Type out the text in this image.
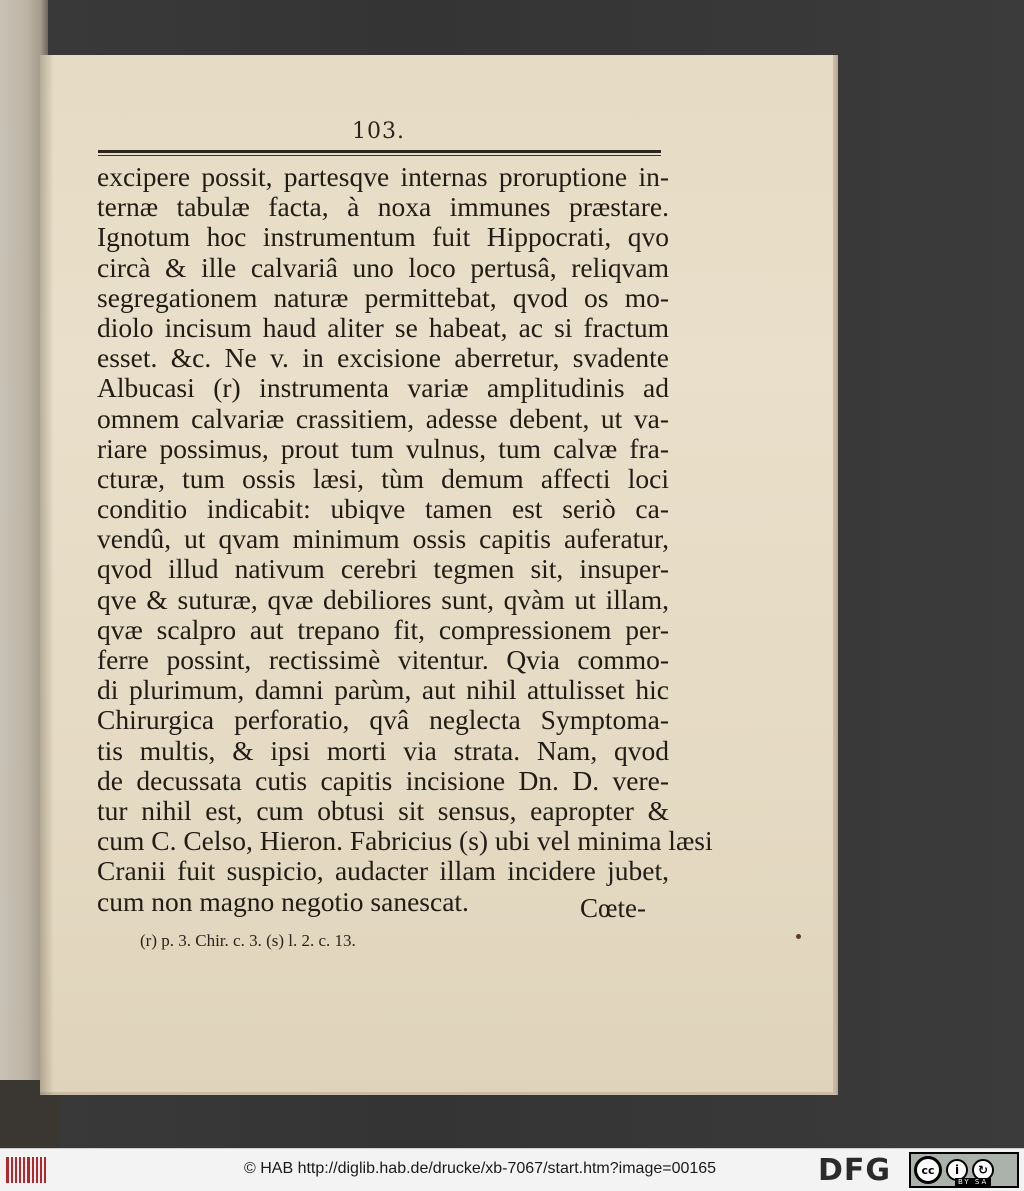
103.
excipere possit, partesqve internas proruptione in-
ternæ tabulæ facta, à noxa immunes præstare.
Ignotum hoc instrumentum fuit Hippocrati, qvo
circà & ille calvariâ uno loco pertusâ, reliqvam
segregationem naturæ permittebat, qvod os mo-
diolo incisum haud aliter se habeat, ac si fractum
esset. &c. Ne v. in excisione aberretur, svadente
Albucasi (r) instrumenta variæ amplitudinis ad
omnem calvariæ crassitiem, adesse debent, ut va-
riare possimus, prout tum vulnus, tum calvæ fra-
cturæ, tum ossis læsi, tùm demum affecti loci
conditio indicabit: ubiqve tamen est seriò ca-
vendû, ut qvam minimum ossis capitis auferatur,
qvod illud nativum cerebri tegmen sit, insuper-
qve & suturæ, qvæ debiliores sunt, qvàm ut illam,
qvæ scalpro aut trepano fit, compressionem per-
ferre possint, rectissimè vitentur. Qvia commo-
di plurimum, damni parùm, aut nihil attulisset hic
Chirurgica perforatio, qvâ neglecta Symptoma-
tis multis, & ipsi morti via strata. Nam, qvod
de decussata cutis capitis incisione Dn. D. vere-
tur nihil est, cum obtusi sit sensus, eapropter &
cum C. Celso, Hieron. Fabricius (s) ubi vel minima læsi
Cranii fuit suspicio, audacter illam incidere jubet,
cum non magno negotio sanescat.	Cœte-
(r) p. 3. Chir. c. 3. (s) l. 2. c. 13.
© HAB http://diglib.hab.de/drucke/xb-7067/start.htm?image=00165	DFG	cc	i	↻
BY SA
